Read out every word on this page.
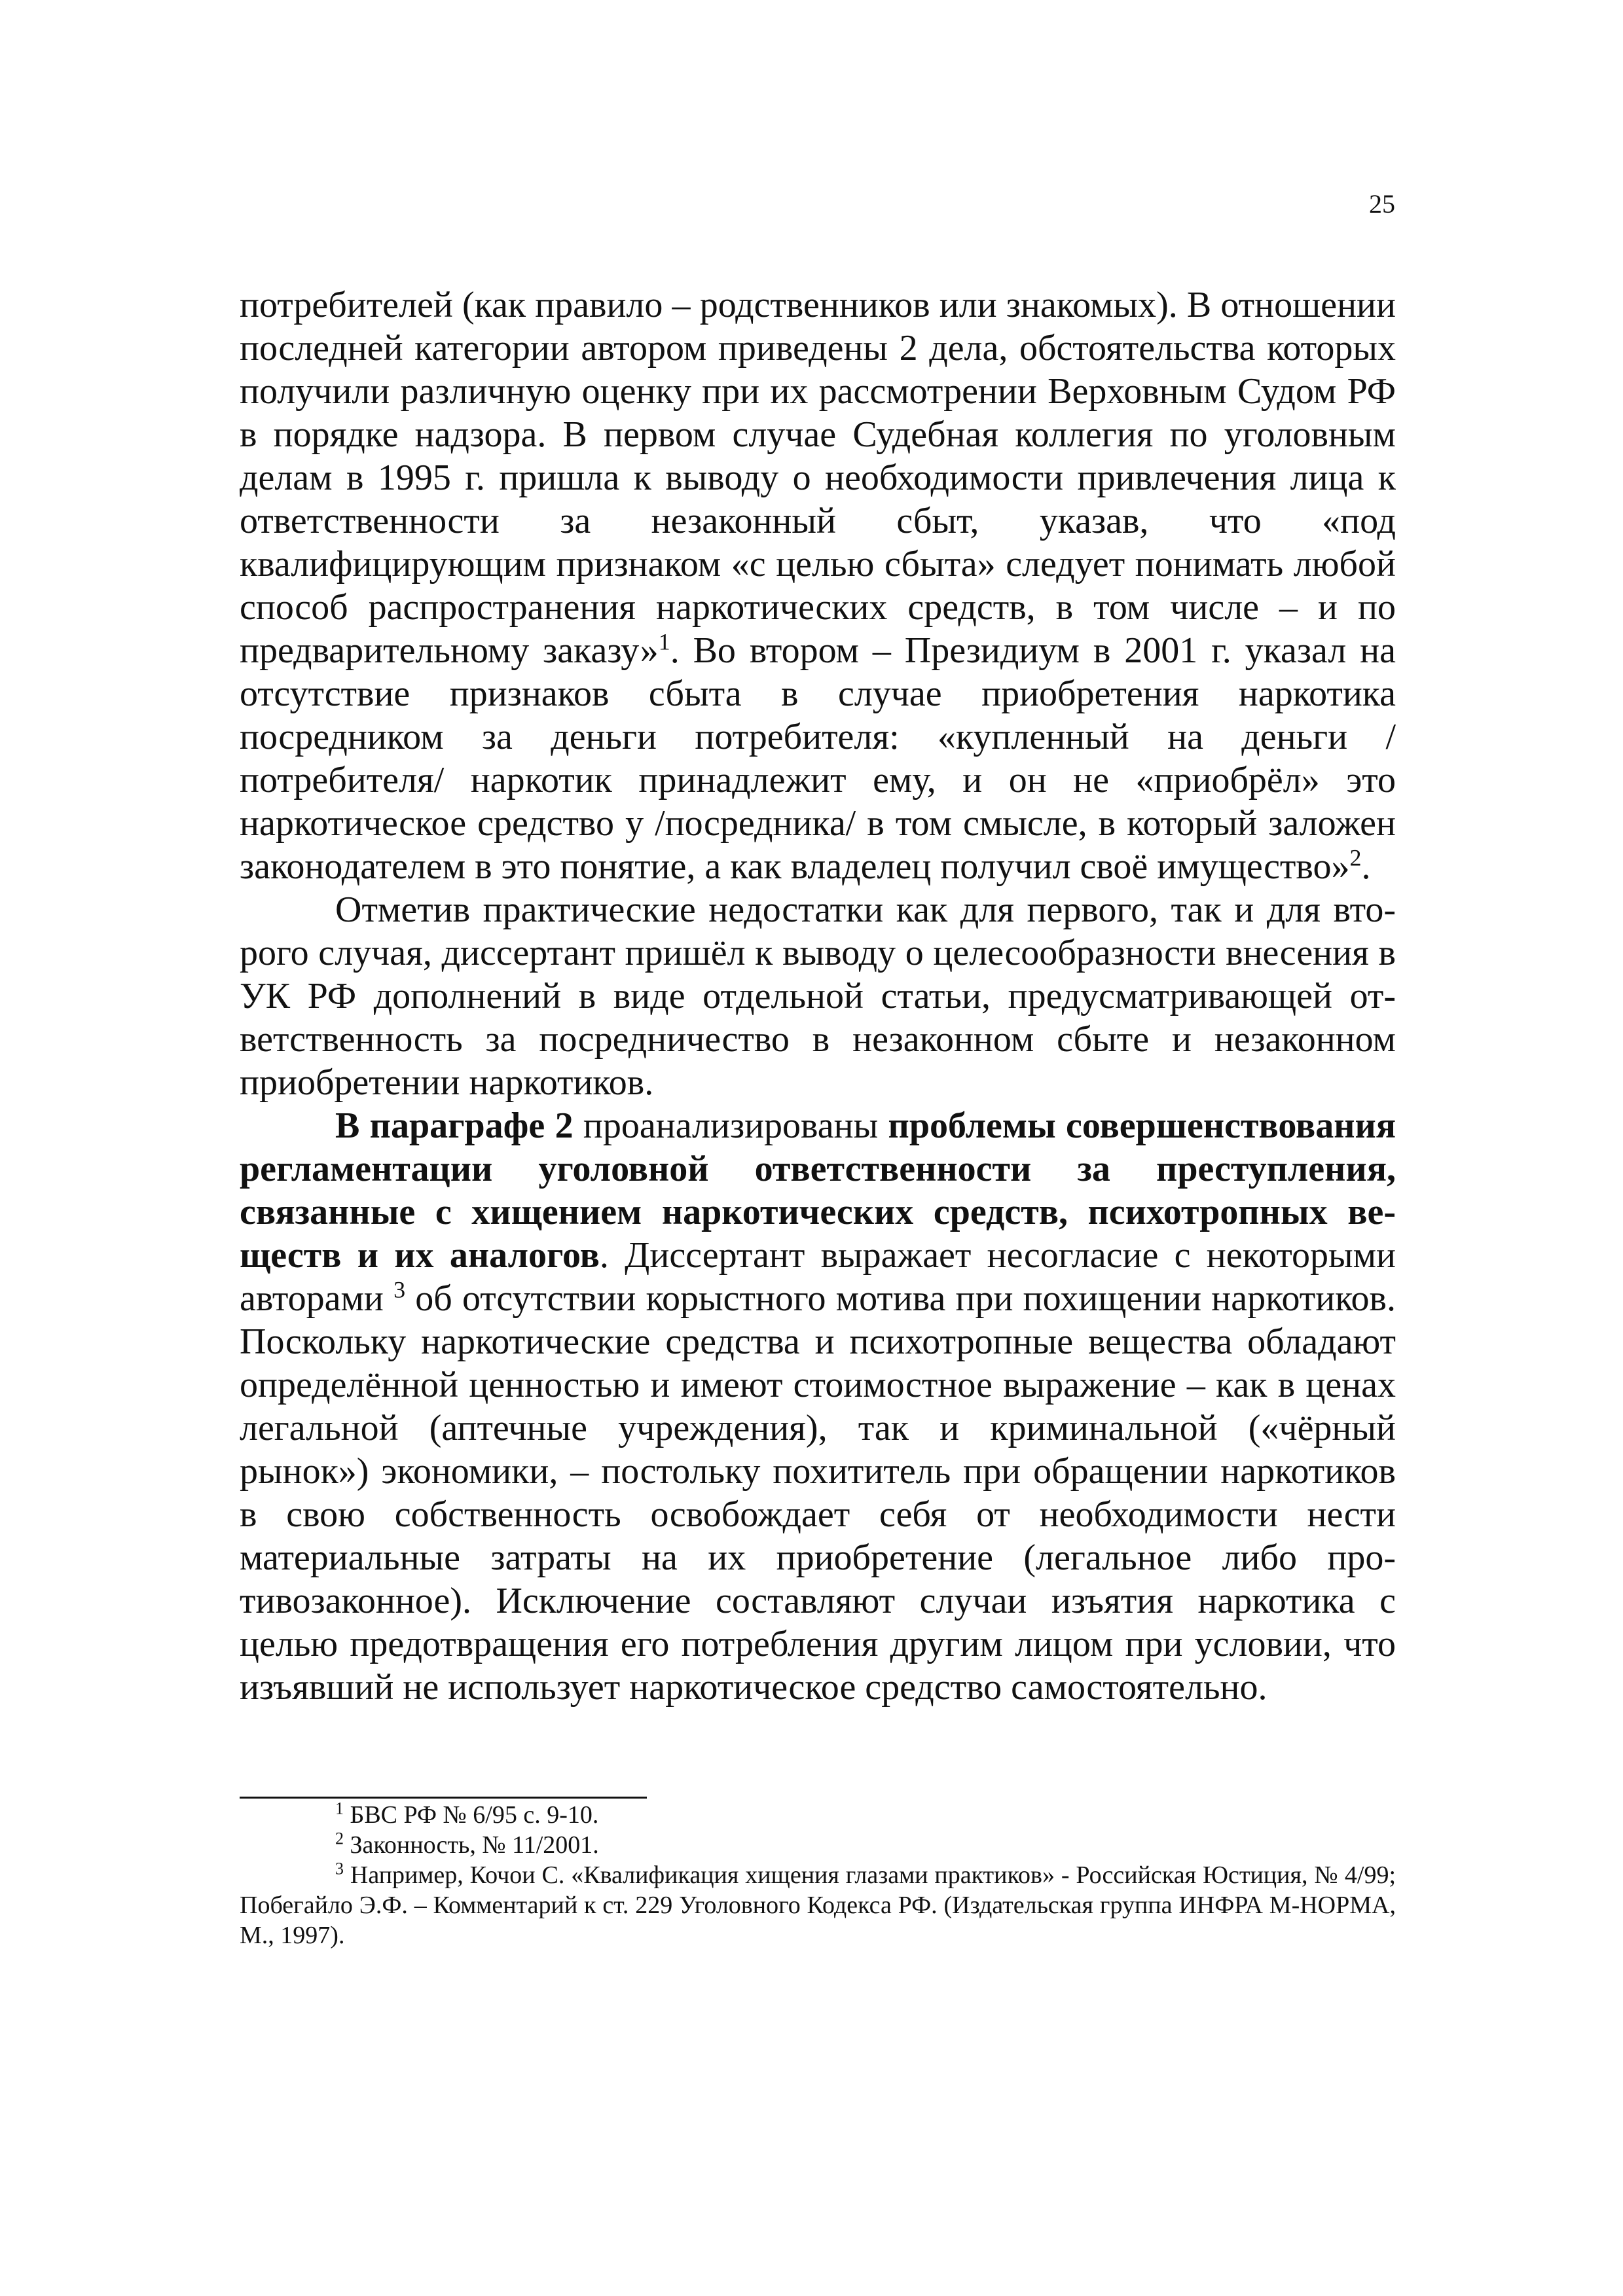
25

потребителей (как правило – родственников или знакомых). В отношении последней категории автором приведены 2 дела, обстоятельства которых получили различную оценку при их рассмотрении Верховным Судом РФ в порядке надзора. В первом случае Судебная коллегия по уголовным делам в 1995 г. пришла к выводу о необходимости привлечения лица к ответственности за незаконный сбыт, указав, что «под квалифицирующим признаком «с целью сбыта» следует понимать любой способ распространения наркотических средств, в том числе – и по предварительному заказу»$^1$. Во втором – Президиум в 2001 г. указал на отсутствие признаков сбыта в случае приобретения наркотика посредником за деньги потребителя: «купленный на деньги /потребителя/ наркотик принадлежит ему, и он не «приобрёл» это наркотическое средство у /посредника/ в том смысле, в который заложен законодателем в это понятие, а как владелец получил своё имущество»$^2$.

Отметив практические недостатки как для первого, так и для второго случая, диссертант пришёл к выводу о целесообразности внесения в УК РФ дополнений в виде отдельной статьи, предусматривающей ответственность за посредничество в незаконном сбыте и незаконном приобретении наркотиков.

В параграфе 2 проанализированы проблемы совершенствования регламентации уголовной ответственности за преступления, связанные с хищением наркотических средств, психотропных веществ и их аналогов. Диссертант выражает несогласие с некоторыми авторами $^3$ об отсутствии корыстного мотива при похищении наркотиков. Поскольку наркотические средства и психотропные вещества обладают определённой ценностью и имеют стоимостное выражение – как в ценах легальной (аптечные учреждения), так и криминальной («чёрный рынок») экономики, – постольку похититель при обращении наркотиков в свою собственность освобождает себя от необходимости нести материальные затраты на их приобретение (легальное либо противозаконное). Исключение составляют случаи изъятия наркотика с целью предотвращения его потребления другим лицом при условии, что изъявший не использует наркотическое средство самостоятельно.

$^1$ БВС РФ № 6/95 с. 9-10.

$^2$ Законность, № 11/2001.

$^3$ Например, Кочои С. «Квалификация хищения глазами практиков» - Российская Юстиция, № 4/99; Побегайло Э.Ф. – Комментарий к ст. 229 Уголовного Кодекса РФ. (Издательская группа ИНФРА М-НОРМА, М., 1997).
